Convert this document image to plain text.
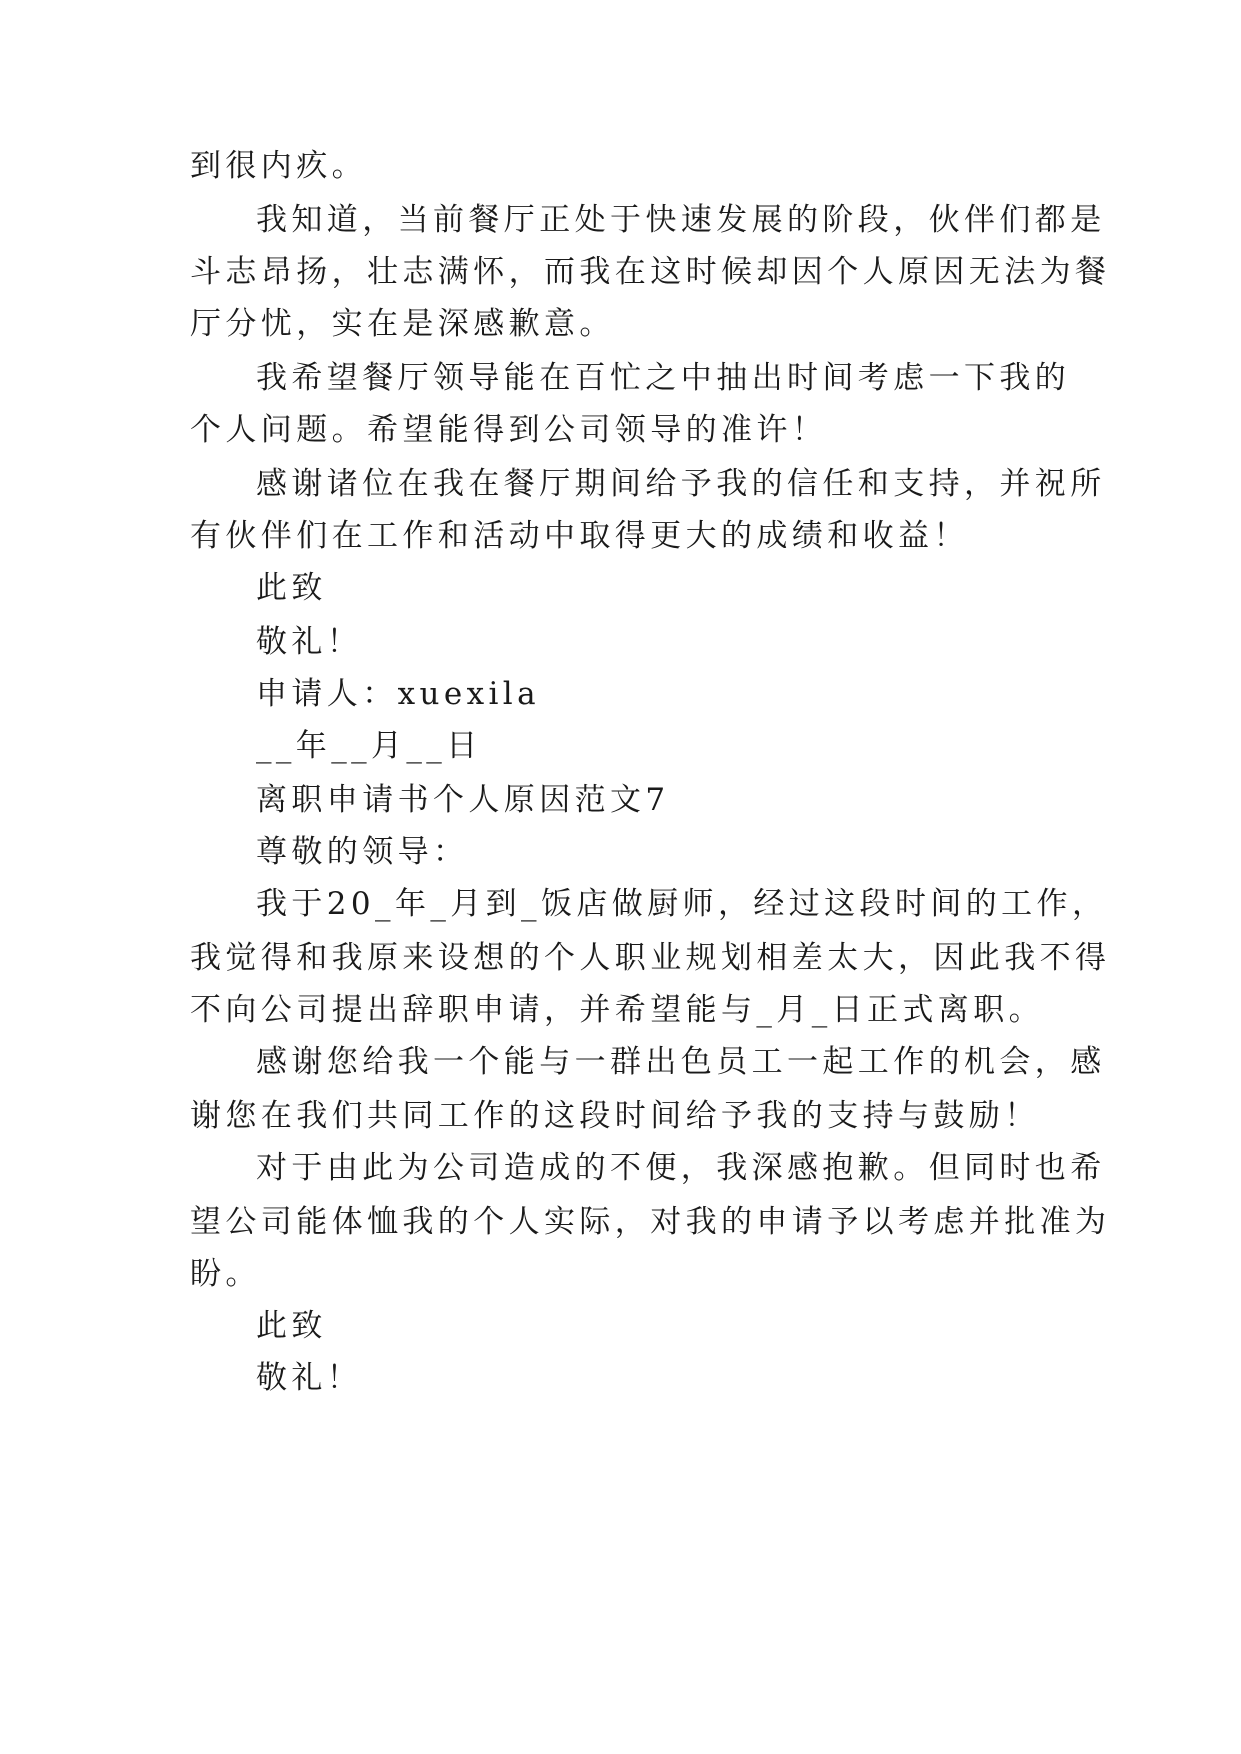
到很内疚。
我知道，当前餐厅正处于快速发展的阶段，伙伴们都是
斗志昂扬，壮志满怀，而我在这时候却因个人原因无法为餐
厅分忧，实在是深感歉意。
我希望餐厅领导能在百忙之中抽出时间考虑一下我的
个人问题。希望能得到公司领导的准许！
感谢诸位在我在餐厅期间给予我的信任和支持，并祝所
有伙伴们在工作和活动中取得更大的成绩和收益！
此致
敬礼！
申请人：xuexila
__年__月__日
离职申请书个人原因范文7
尊敬的领导：
我于20_年_月到_饭店做厨师，经过这段时间的工作，
我觉得和我原来设想的个人职业规划相差太大，因此我不得
不向公司提出辞职申请，并希望能与_月_日正式离职。
感谢您给我一个能与一群出色员工一起工作的机会，感
谢您在我们共同工作的这段时间给予我的支持与鼓励！
对于由此为公司造成的不便，我深感抱歉。但同时也希
望公司能体恤我的个人实际，对我的申请予以考虑并批准为
盼。
此致
敬礼！
